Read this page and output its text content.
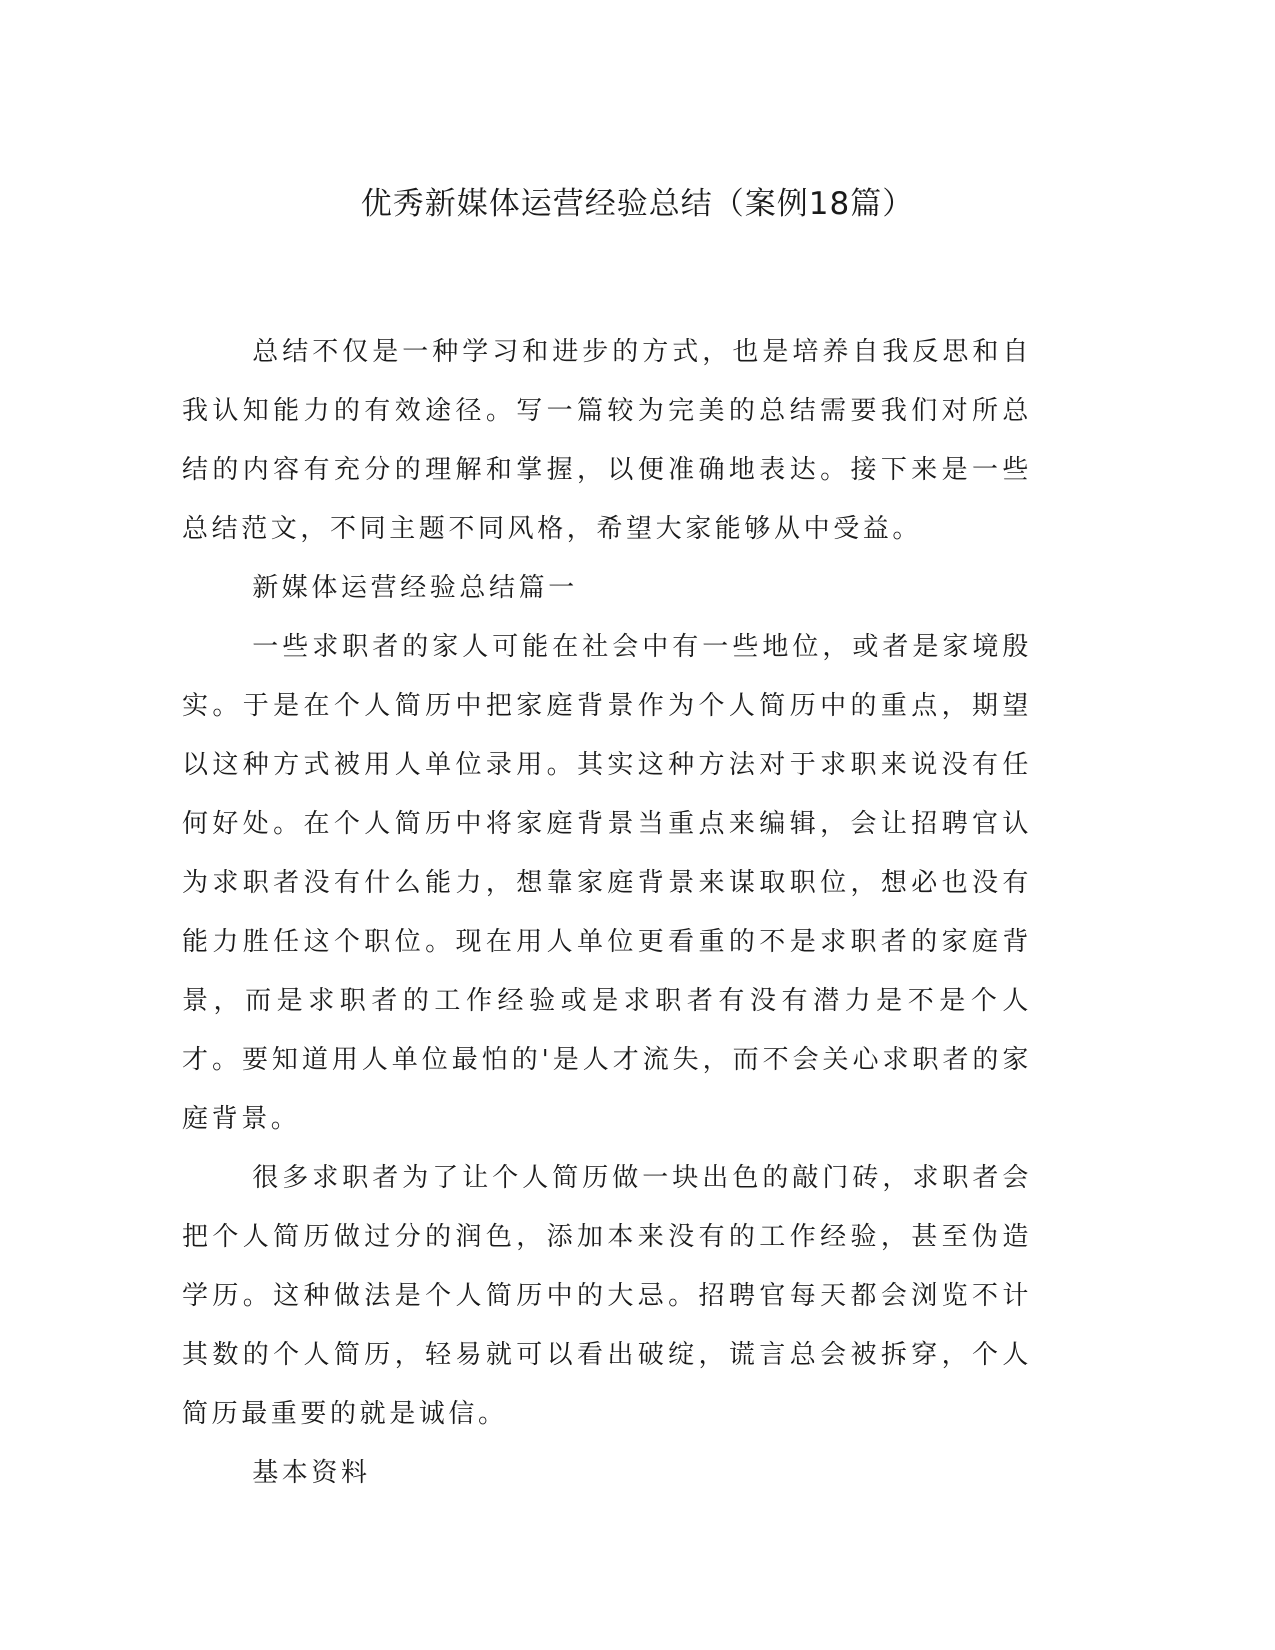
优秀新媒体运营经验总结（案例18篇）

总结不仅是一种学习和进步的方式，也是培养自我反思和自我认知能力的有效途径。写一篇较为完美的总结需要我们对所总结的内容有充分的理解和掌握，以便准确地表达。接下来是一些总结范文，不同主题不同风格，希望大家能够从中受益。

新媒体运营经验总结篇一

一些求职者的家人可能在社会中有一些地位，或者是家境殷实。于是在个人简历中把家庭背景作为个人简历中的重点，期望以这种方式被用人单位录用。其实这种方法对于求职来说没有任何好处。在个人简历中将家庭背景当重点来编辑，会让招聘官认为求职者没有什么能力，想靠家庭背景来谋取职位，想必也没有能力胜任这个职位。现在用人单位更看重的不是求职者的家庭背景，而是求职者的工作经验或是求职者有没有潜力是不是个人才。要知道用人单位最怕的'是人才流失，而不会关心求职者的家庭背景。

很多求职者为了让个人简历做一块出色的敲门砖，求职者会把个人简历做过分的润色，添加本来没有的工作经验，甚至伪造学历。这种做法是个人简历中的大忌。招聘官每天都会浏览不计其数的个人简历，轻易就可以看出破绽，谎言总会被拆穿，个人简历最重要的就是诚信。

基本资料
